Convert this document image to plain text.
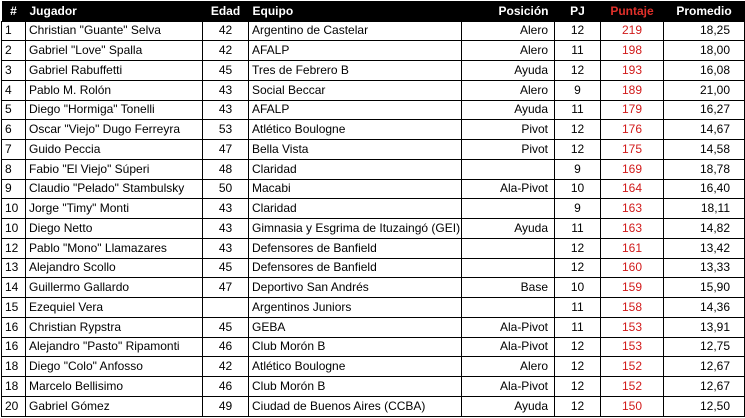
#	Jugador	Edad	Equipo	Posición	PJ	Puntaje	Promedio
1	Christian "Guante" Selva	42	Argentino de Castelar	Alero	12	219	18,25
2	Gabriel "Love" Spalla	42	AFALP	Alero	11	198	18,00
3	Gabriel Rabuffetti	45	Tres de Febrero B	Ayuda	12	193	16,08
4	Pablo M. Rolón	43	Social Beccar	Alero	9	189	21,00
5	Diego "Hormiga" Tonelli	43	AFALP	Ayuda	11	179	16,27
6	Oscar "Viejo" Dugo Ferreyra	53	Atlético Boulogne	Pivot	12	176	14,67
7	Guido Peccia	47	Bella Vista	Pivot	12	175	14,58
8	Fabio "El Viejo" Súperi	48	Claridad		9	169	18,78
9	Claudio "Pelado" Stambulsky	50	Macabi	Ala-Pivot	10	164	16,40
10	Jorge "Timy" Monti	43	Claridad		9	163	18,11
10	Diego Netto	43	Gimnasia y Esgrima de Ituzaingó (GEI)	Ayuda	11	163	14,82
12	Pablo "Mono" Llamazares	43	Defensores de Banfield		12	161	13,42
13	Alejandro Scollo	45	Defensores de Banfield		12	160	13,33
14	Guillermo Gallardo	47	Deportivo San Andrés	Base	10	159	15,90
15	Ezequiel Vera		Argentinos Juniors		11	158	14,36
16	Christian Rypstra	45	GEBA	Ala-Pivot	11	153	13,91
16	Alejandro "Pasto" Ripamonti	46	Club Morón B	Ala-Pivot	12	153	12,75
18	Diego "Colo" Anfosso	42	Atlético Boulogne	Alero	12	152	12,67
18	Marcelo Bellisimo	46	Club Morón B	Ala-Pivot	12	152	12,67
20	Gabriel Gómez	49	Ciudad de Buenos Aires (CCBA)	Ayuda	12	150	12,50
